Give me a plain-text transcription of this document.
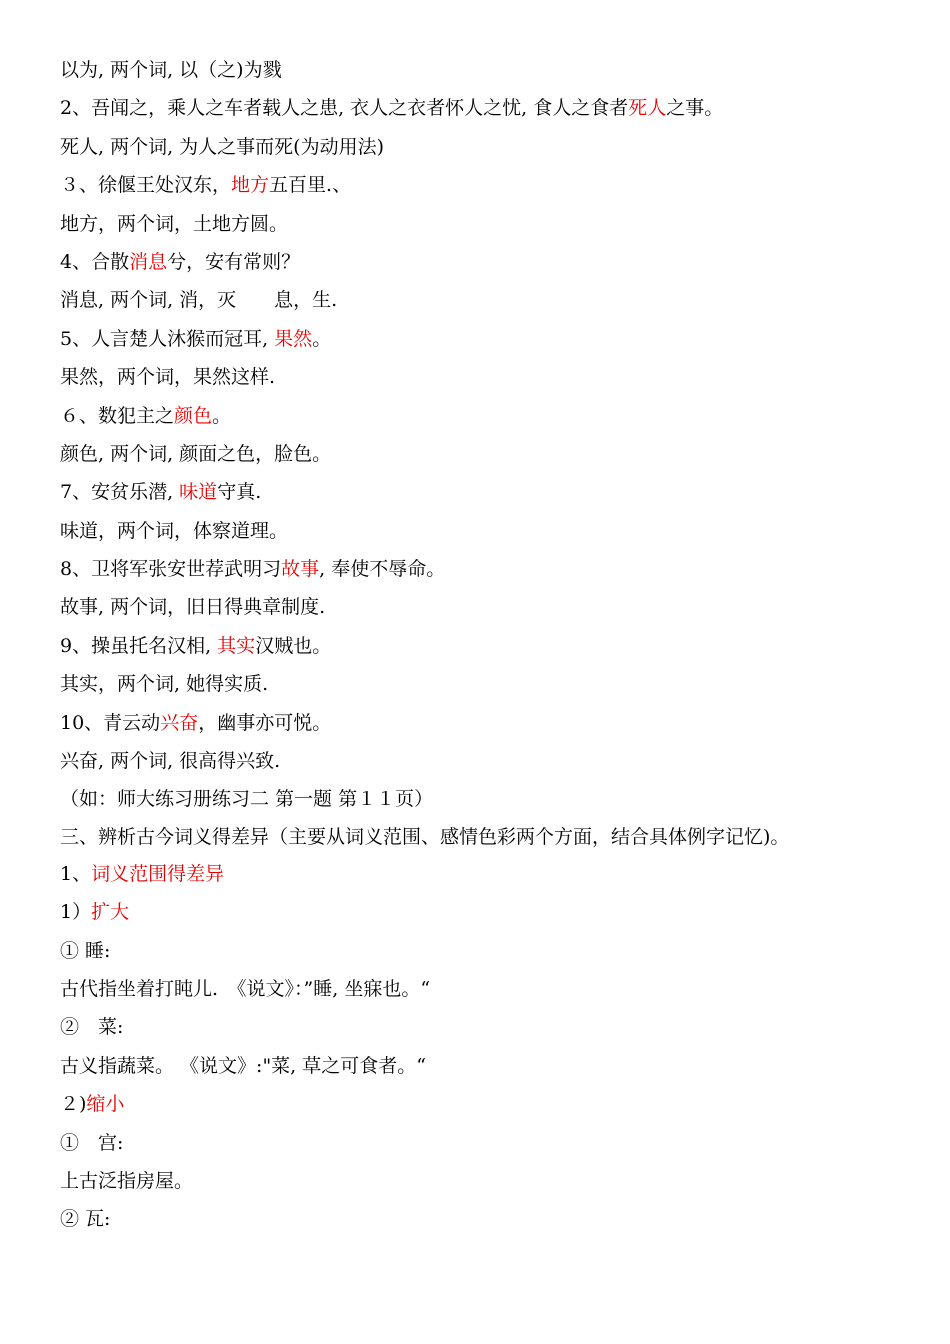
以为, 两个词, 以（之)为戮
2、吾闻之，乘人之车者载人之患, 衣人之衣者怀人之忧, 食人之食者死人之事。
死人, 两个词, 为人之事而死(为动用法)
３、徐偃王处汉东，地方五百里.、
地方，两个词，土地方圆。
4、合散消息兮，安有常则？
消息, 两个词, 消，灭　　息，生.
5、人言楚人沐猴而冠耳, 果然。
果然，两个词，果然这样.
６、数犯主之颜色。
颜色, 两个词, 颜面之色，脸色。
7、安贫乐潜, 味道守真.
味道，两个词，体察道理。
8、卫将军张安世荐武明习故事, 奉使不辱命。
故事, 两个词，旧日得典章制度.
9、操虽托名汉相, 其实汉贼也。
其实，两个词, 她得实质.
10、青云动兴奋，幽事亦可悦。
兴奋, 两个词, 很高得兴致.
（如：师大练习册练习二 第一题 第１１页）
三、辨析古今词义得差异（主要从词义范围、感情色彩两个方面，结合具体例字记忆)。
1、词义范围得差异
1）扩大
① 睡:
古代指坐着打盹儿.　《说文》：”睡, 坐寐也。“
②　菜:
古义指蔬菜。 《说文》:"菜, 草之可食者。“
２)缩小
①　宫:
上古泛指房屋。
② 瓦:
